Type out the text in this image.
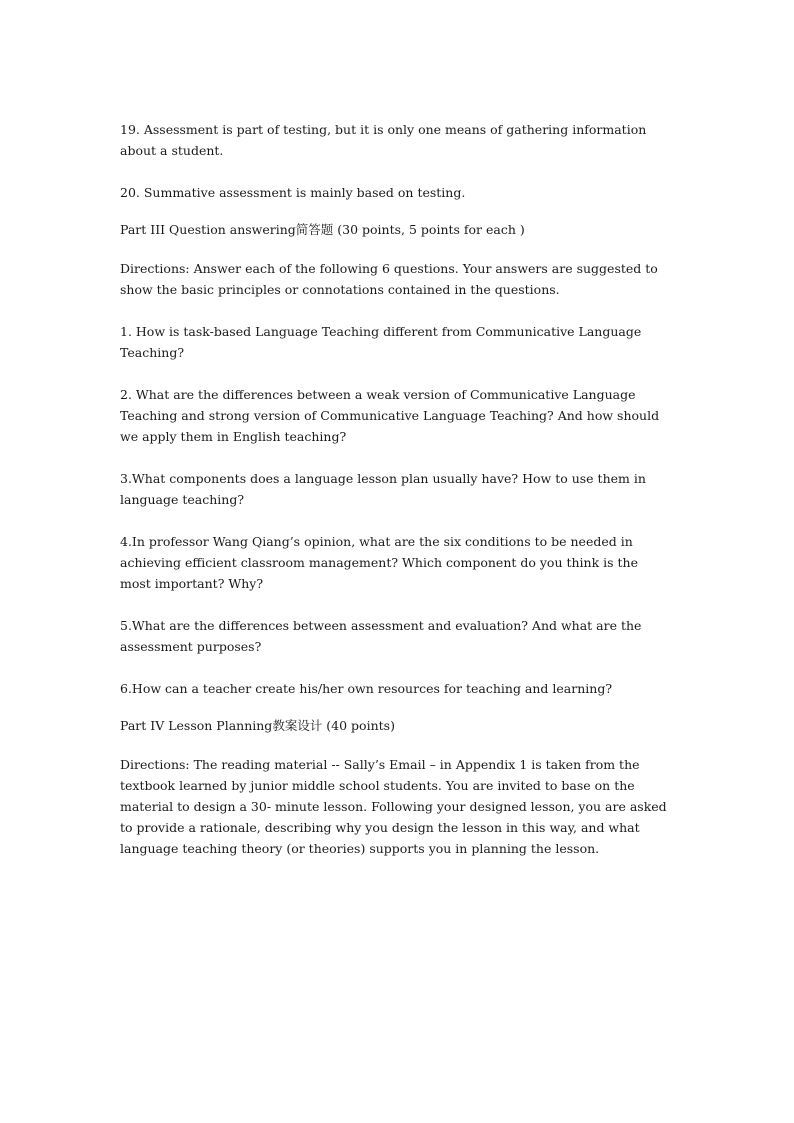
19. Assessment is part of testing, but it is only one means of gathering information about a student.

20. Summative assessment is mainly based on testing.

Part III Question answering简答题 (30 points, 5 points for each )

Directions: Answer each of the following 6 questions. Your answers are suggested to show the basic principles or connotations contained in the questions.

1. How is task-based Language Teaching different from Communicative Language Teaching?

2. What are the differences between a weak version of Communicative Language Teaching and strong version of Communicative Language Teaching? And how should we apply them in English teaching?

3.What components does a language lesson plan usually have? How to use them in language teaching?

4.In professor Wang Qiang’s opinion, what are the six conditions to be needed in achieving efficient classroom management? Which component do you think is the most important? Why?

5.What are the differences between assessment and evaluation? And what are the assessment purposes?

6.How can a teacher create his/her own resources for teaching and learning?

Part IV Lesson Planning教案设计 (40 points)

Directions: The reading material -- Sally’s Email – in Appendix 1 is taken from the textbook learned by junior middle school students. You are invited to base on the material to design a 30- minute lesson. Following your designed lesson, you are asked to provide a rationale, describing why you design the lesson in this way, and what language teaching theory (or theories) supports you in planning the lesson.
